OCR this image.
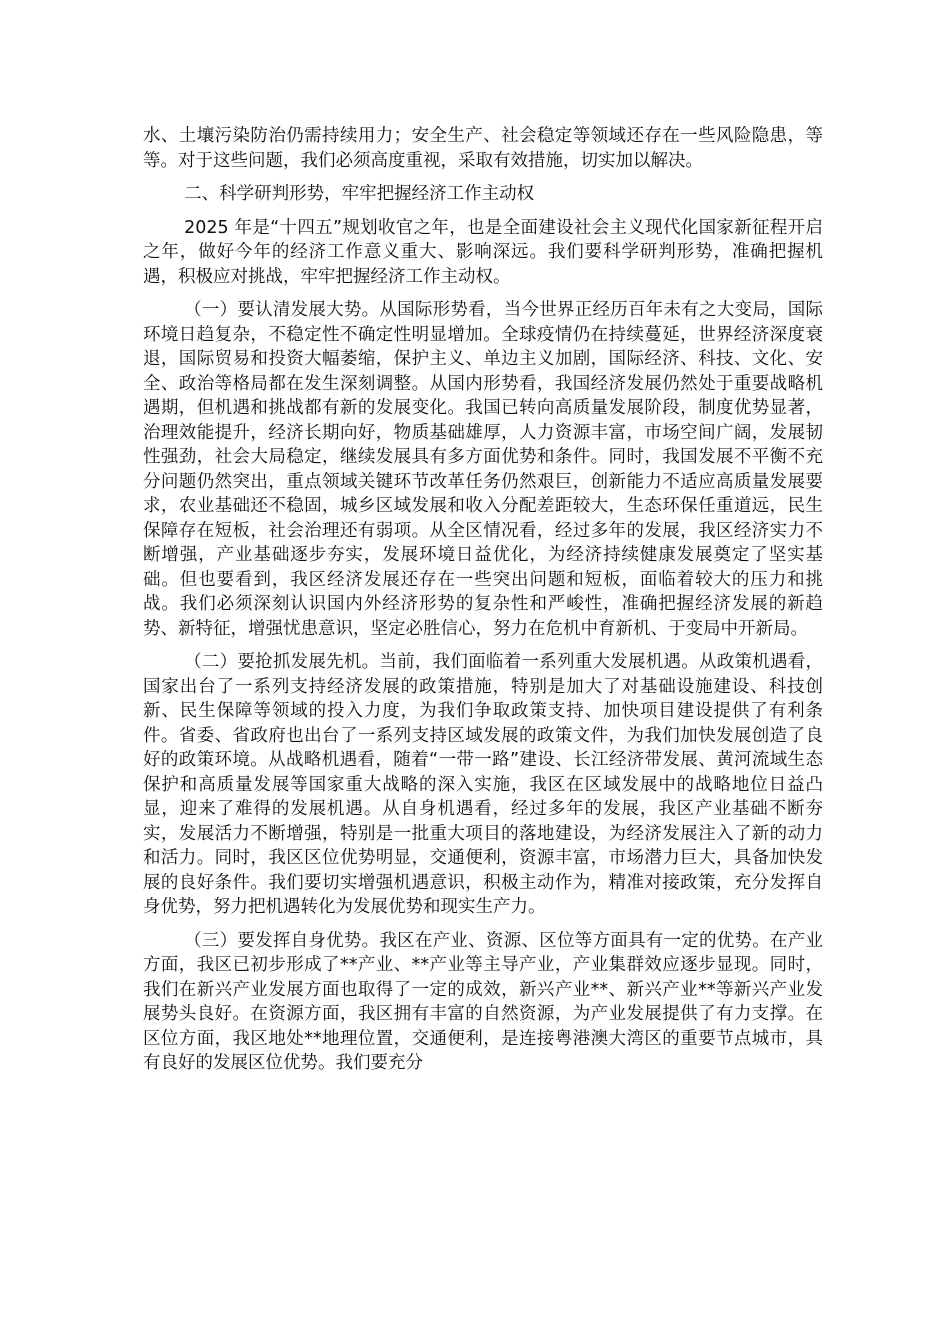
水、土壤污染防治仍需持续用力；安全生产、社会稳定等领域还存在一些风险隐患，等等。对于这些问题，我们必须高度重视，采取有效措施，切实加以解决。

二、科学研判形势，牢牢把握经济工作主动权

2025 年是“十四五”规划收官之年，也是全面建设社会主义现代化国家新征程开启之年，做好今年的经济工作意义重大、影响深远。我们要科学研判形势，准确把握机遇，积极应对挑战，牢牢把握经济工作主动权。

（一）要认清发展大势。从国际形势看，当今世界正经历百年未有之大变局，国际环境日趋复杂，不稳定性不确定性明显增加。全球疫情仍在持续蔓延，世界经济深度衰退，国际贸易和投资大幅萎缩，保护主义、单边主义加剧，国际经济、科技、文化、安全、政治等格局都在发生深刻调整。从国内形势看，我国经济发展仍然处于重要战略机遇期，但机遇和挑战都有新的发展变化。我国已转向高质量发展阶段，制度优势显著，治理效能提升，经济长期向好，物质基础雄厚，人力资源丰富，市场空间广阔，发展韧性强劲，社会大局稳定，继续发展具有多方面优势和条件。同时，我国发展不平衡不充分问题仍然突出，重点领域关键环节改革任务仍然艰巨，创新能力不适应高质量发展要求，农业基础还不稳固，城乡区域发展和收入分配差距较大，生态环保任重道远，民生保障存在短板，社会治理还有弱项。从全区情况看，经过多年的发展，我区经济实力不断增强，产业基础逐步夯实，发展环境日益优化，为经济持续健康发展奠定了坚实基础。但也要看到，我区经济发展还存在一些突出问题和短板，面临着较大的压力和挑战。我们必须深刻认识国内外经济形势的复杂性和严峻性，准确把握经济发展的新趋势、新特征，增强忧患意识，坚定必胜信心，努力在危机中育新机、于变局中开新局。

（二）要抢抓发展先机。当前，我们面临着一系列重大发展机遇。从政策机遇看，国家出台了一系列支持经济发展的政策措施，特别是加大了对基础设施建设、科技创新、民生保障等领域的投入力度，为我们争取政策支持、加快项目建设提供了有利条件。省委、省政府也出台了一系列支持区域发展的政策文件，为我们加快发展创造了良好的政策环境。从战略机遇看，随着“一带一路”建设、长江经济带发展、黄河流域生态保护和高质量发展等国家重大战略的深入实施，我区在区域发展中的战略地位日益凸显，迎来了难得的发展机遇。从自身机遇看，经过多年的发展，我区产业基础不断夯实，发展活力不断增强，特别是一批重大项目的落地建设，为经济发展注入了新的动力和活力。同时，我区区位优势明显，交通便利，资源丰富，市场潜力巨大，具备加快发展的良好条件。我们要切实增强机遇意识，积极主动作为，精准对接政策，充分发挥自身优势，努力把机遇转化为发展优势和现实生产力。

（三）要发挥自身优势。我区在产业、资源、区位等方面具有一定的优势。在产业方面，我区已初步形成了**产业、**产业等主导产业，产业集群效应逐步显现。同时，我们在新兴产业发展方面也取得了一定的成效，新兴产业**、新兴产业**等新兴产业发展势头良好。在资源方面，我区拥有丰富的自然资源，为产业发展提供了有力支撑。在区位方面，我区地处**地理位置，交通便利，是连接粤港澳大湾区的重要节点城市，具有良好的发展区位优势。我们要充分
